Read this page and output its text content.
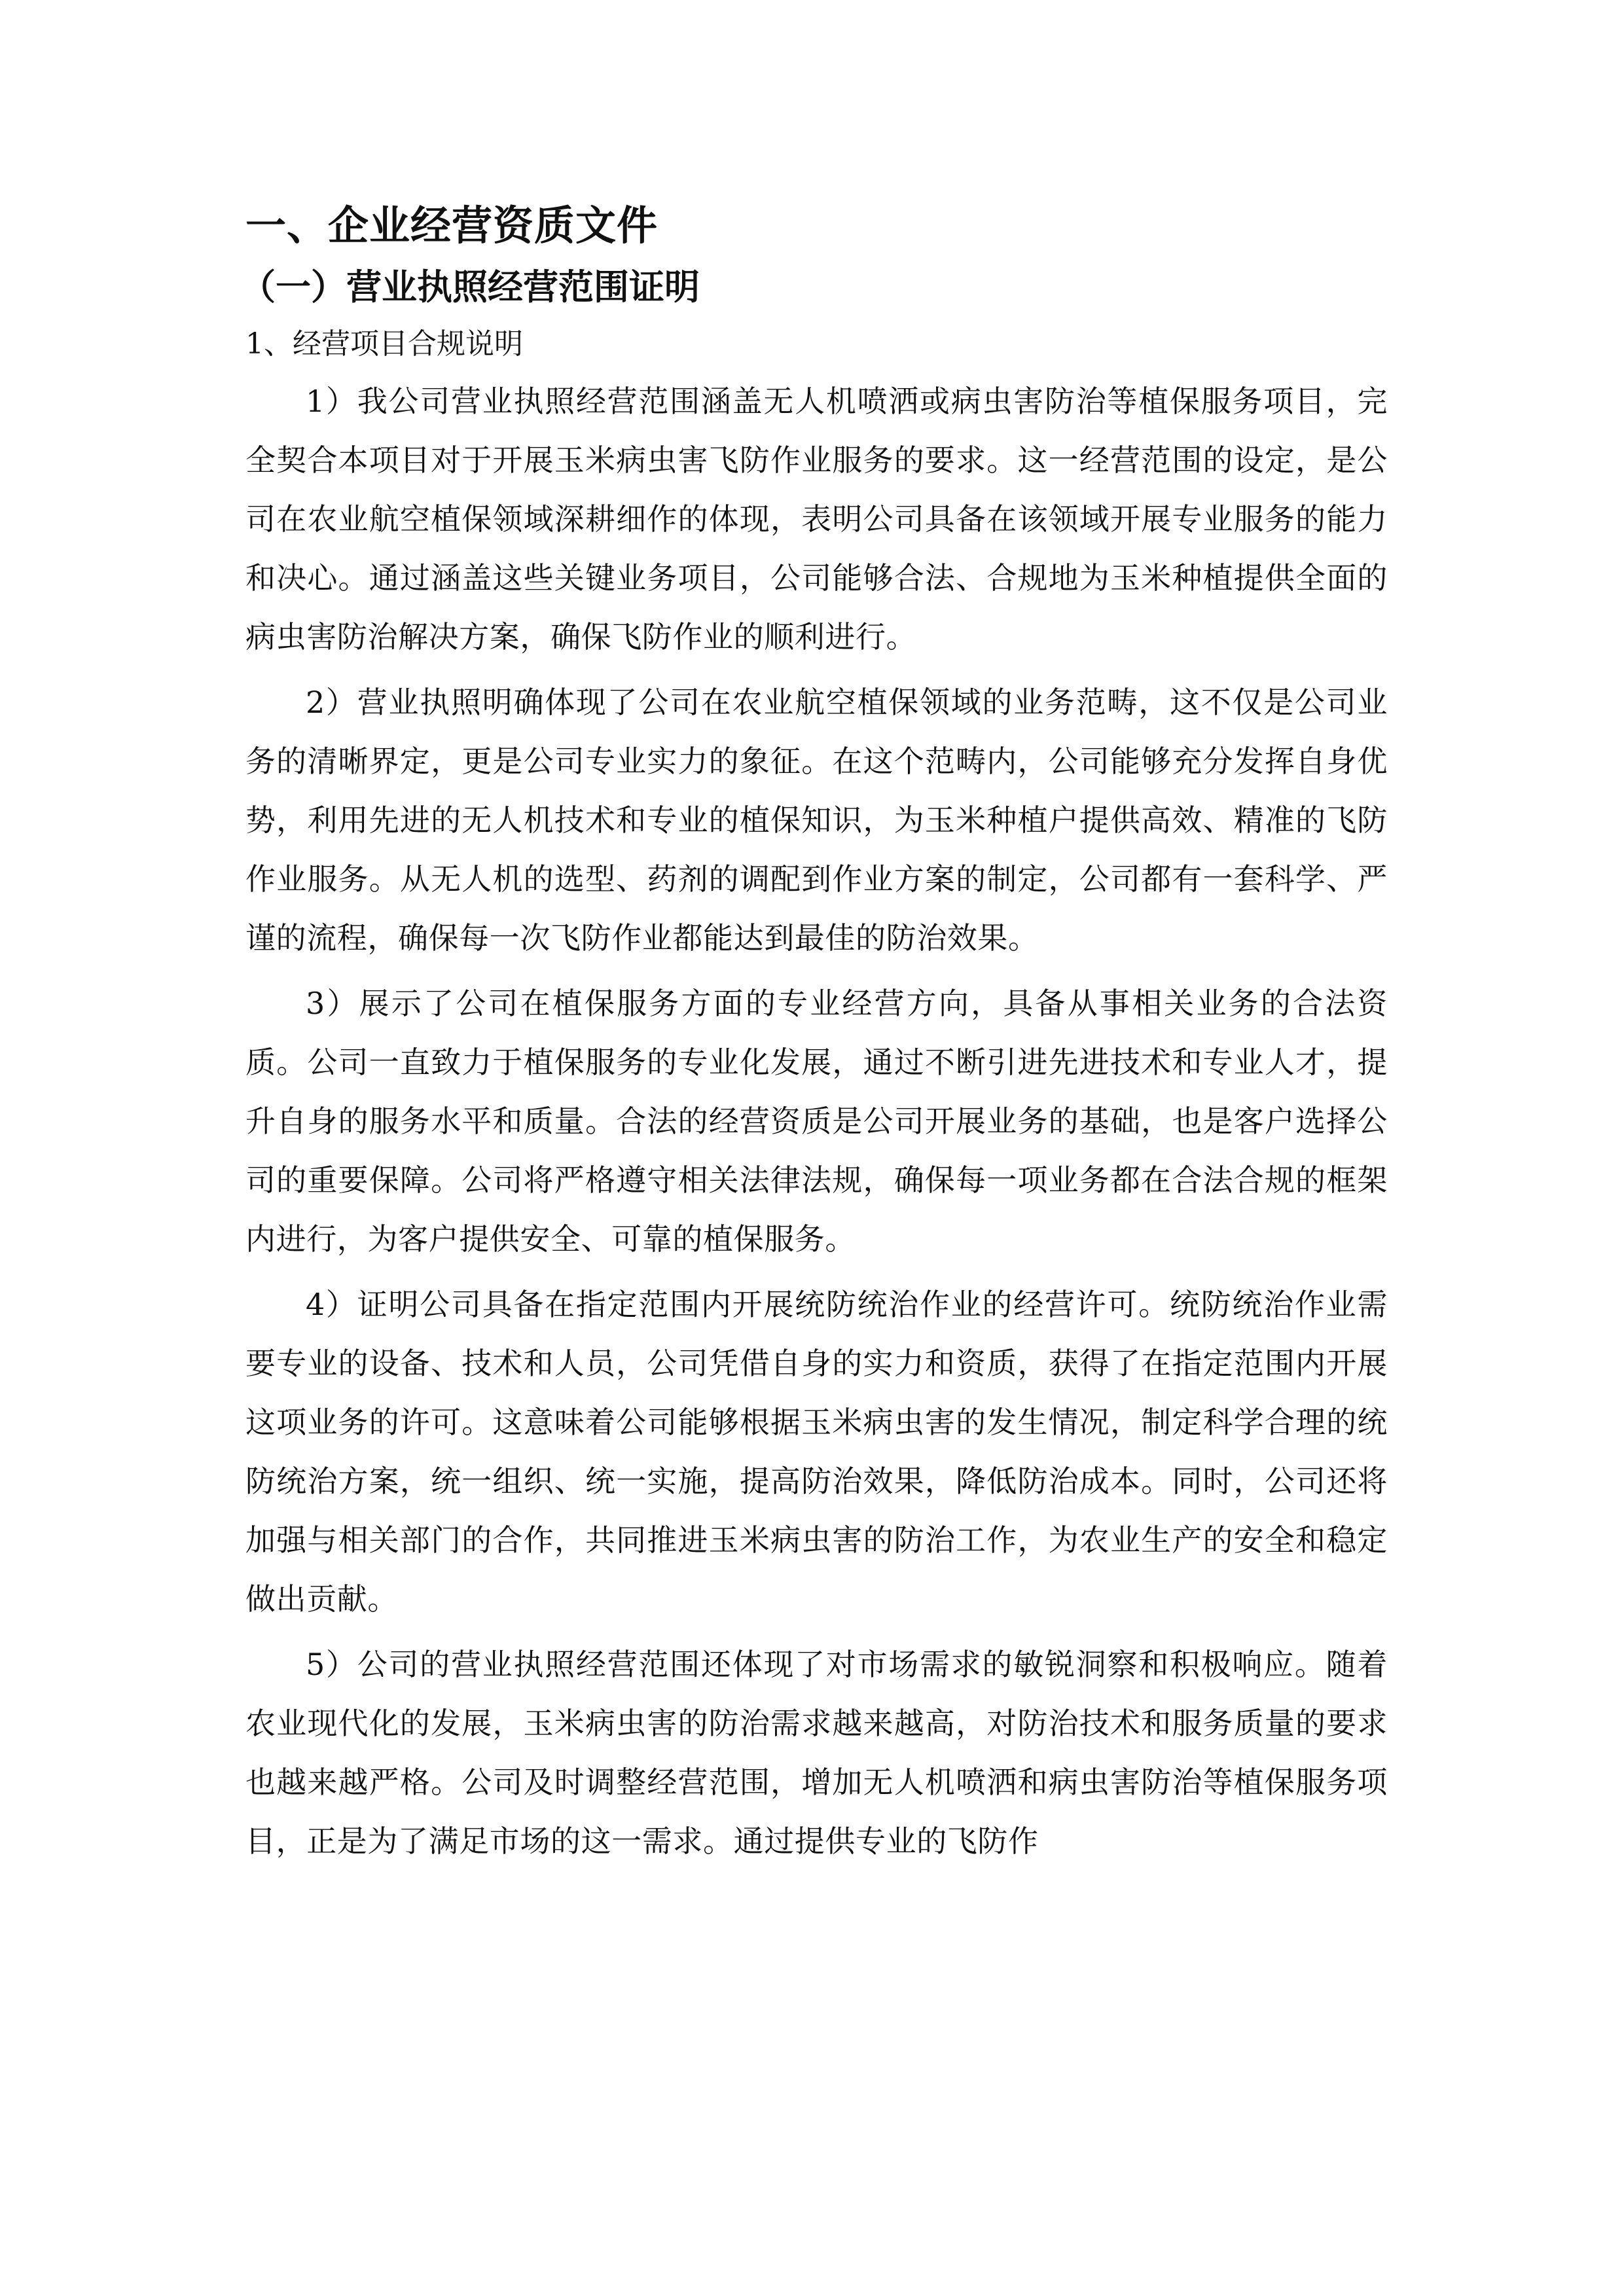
一、企业经营资质文件
（一）营业执照经营范围证明
1、经营项目合规说明

1）我公司营业执照经营范围涵盖无人机喷洒或病虫害防治等植保服务项目，完全契合本项目对于开展玉米病虫害飞防作业服务的要求。这一经营范围的设定，是公司在农业航空植保领域深耕细作的体现，表明公司具备在该领域开展专业服务的能力和决心。通过涵盖这些关键业务项目，公司能够合法、合规地为玉米种植提供全面的病虫害防治解决方案，确保飞防作业的顺利进行。

2）营业执照明确体现了公司在农业航空植保领域的业务范畴，这不仅是公司业务的清晰界定，更是公司专业实力的象征。在这个范畴内，公司能够充分发挥自身优势，利用先进的无人机技术和专业的植保知识，为玉米种植户提供高效、精准的飞防作业服务。从无人机的选型、药剂的调配到作业方案的制定，公司都有一套科学、严谨的流程，确保每一次飞防作业都能达到最佳的防治效果。

3）展示了公司在植保服务方面的专业经营方向，具备从事相关业务的合法资质。公司一直致力于植保服务的专业化发展，通过不断引进先进技术和专业人才，提升自身的服务水平和质量。合法的经营资质是公司开展业务的基础，也是客户选择公司的重要保障。公司将严格遵守相关法律法规，确保每一项业务都在合法合规的框架内进行，为客户提供安全、可靠的植保服务。

4）证明公司具备在指定范围内开展统防统治作业的经营许可。统防统治作业需要专业的设备、技术和人员，公司凭借自身的实力和资质，获得了在指定范围内开展这项业务的许可。这意味着公司能够根据玉米病虫害的发生情况，制定科学合理的统防统治方案，统一组织、统一实施，提高防治效果，降低防治成本。同时，公司还将加强与相关部门的合作，共同推进玉米病虫害的防治工作，为农业生产的安全和稳定做出贡献。

5）公司的营业执照经营范围还体现了对市场需求的敏锐洞察和积极响应。随着农业现代化的发展，玉米病虫害的防治需求越来越高，对防治技术和服务质量的要求也越来越严格。公司及时调整经营范围，增加无人机喷洒和病虫害防治等植保服务项目，正是为了满足市场的这一需求。通过提供专业的飞防作
